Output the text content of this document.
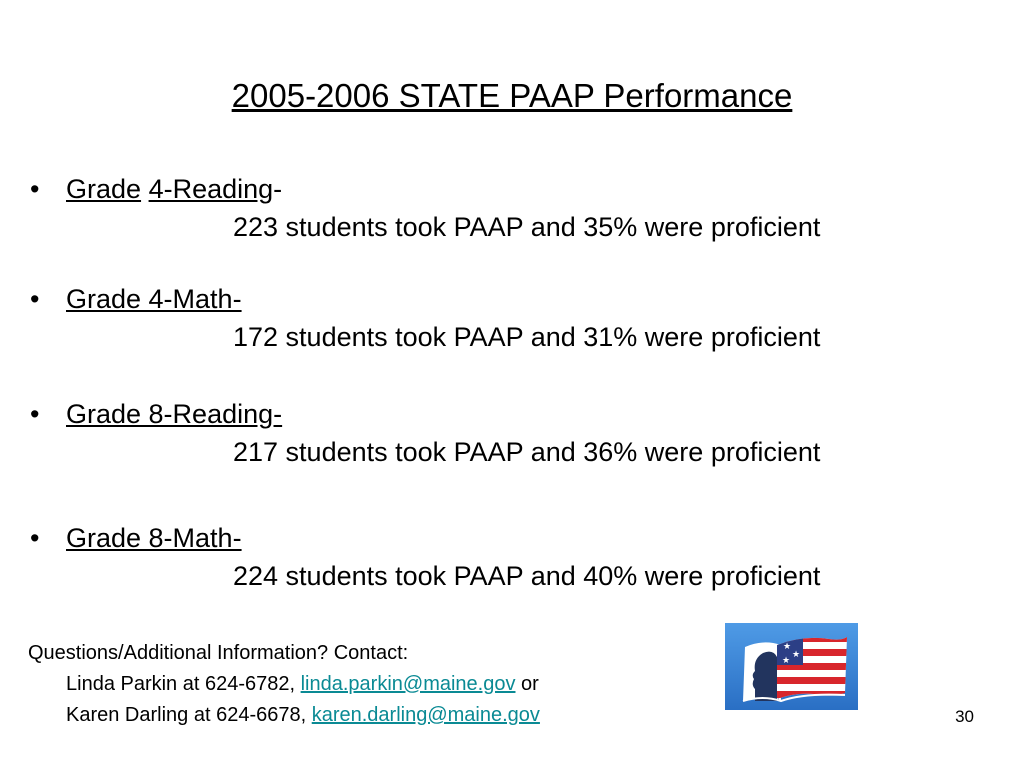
2005-2006 STATE PAAP Performance
• Grade 4-Reading-
223 students took PAAP and 35% were proficient
• Grade 4-Math-
172 students took PAAP and 31% were proficient
• Grade 8-Reading-
217 students took PAAP and 36% were proficient
• Grade 8-Math-
224 students took PAAP and 40% were proficient
Questions/Additional Information? Contact:
Linda Parkin at 624-6782, linda.parkin@maine.gov or
Karen Darling at 624-6678, karen.darling@maine.gov
★
★
★
30
